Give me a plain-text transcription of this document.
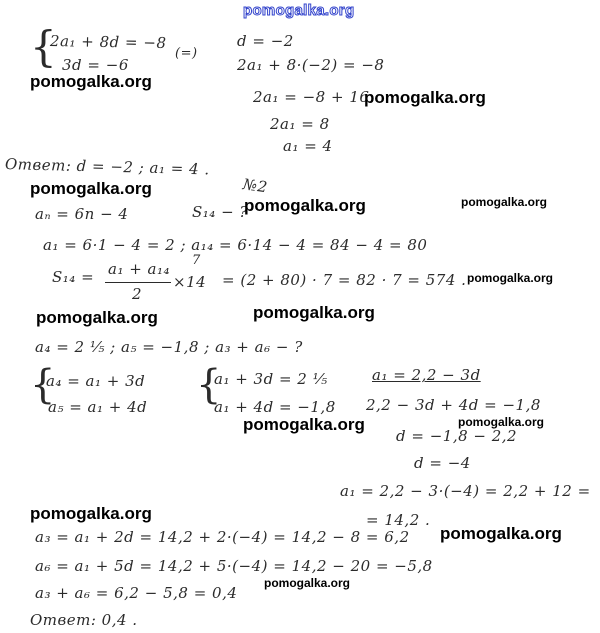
pomogalka.org
{
2a₁ + 8d = −8
3d = −6
(=)
d = −2
2a₁ + 8·(−2) = −8
2a₁ = −8 + 16
2a₁ = 8
a₁ = 4
Ответ: d = −2 ; a₁ = 4 .
№2
aₙ = 6n − 4	S₁₄ − ?
a₁ = 6·1 − 4 = 2 ; a₁₄ = 6·14 − 4 = 84 − 4 = 80
S₁₄ = a₁ + a₁₄
2
7
×14 = (2 + 80) · 7 = 82 · 7 = 574 .
a₄ = 2 ⅕ ; a₅ = −1,8 ; a₃ + a₆ − ?
{
a₄ = a₁ + 3d
a₅ = a₁ + 4d {
a₁ + 3d = 2 ⅕
a₁ + 4d = −1,8
a₁ = 2,2 − 3d
2,2 − 3d + 4d = −1,8
d = −1,8 − 2,2
d = −4
a₁ = 2,2 − 3·(−4) = 2,2 + 12 =
= 14,2 .
a₃ = a₁ + 2d = 14,2 + 2·(−4) = 14,2 − 8 = 6,2
a₆ = a₁ + 5d = 14,2 + 5·(−4) = 14,2 − 20 = −5,8
a₃ + a₆ = 6,2 − 5,8 = 0,4
Ответ: 0,4 .
pomogalka.org
pomogalka.org
pomogalka.org
pomogalka.org	pomogalka.org
pomogalka.org
pomogalka.org	pomogalka.org
pomogalka.org	pomogalka.org
pomogalka.org
pomogalka.org
pomogalka.org
